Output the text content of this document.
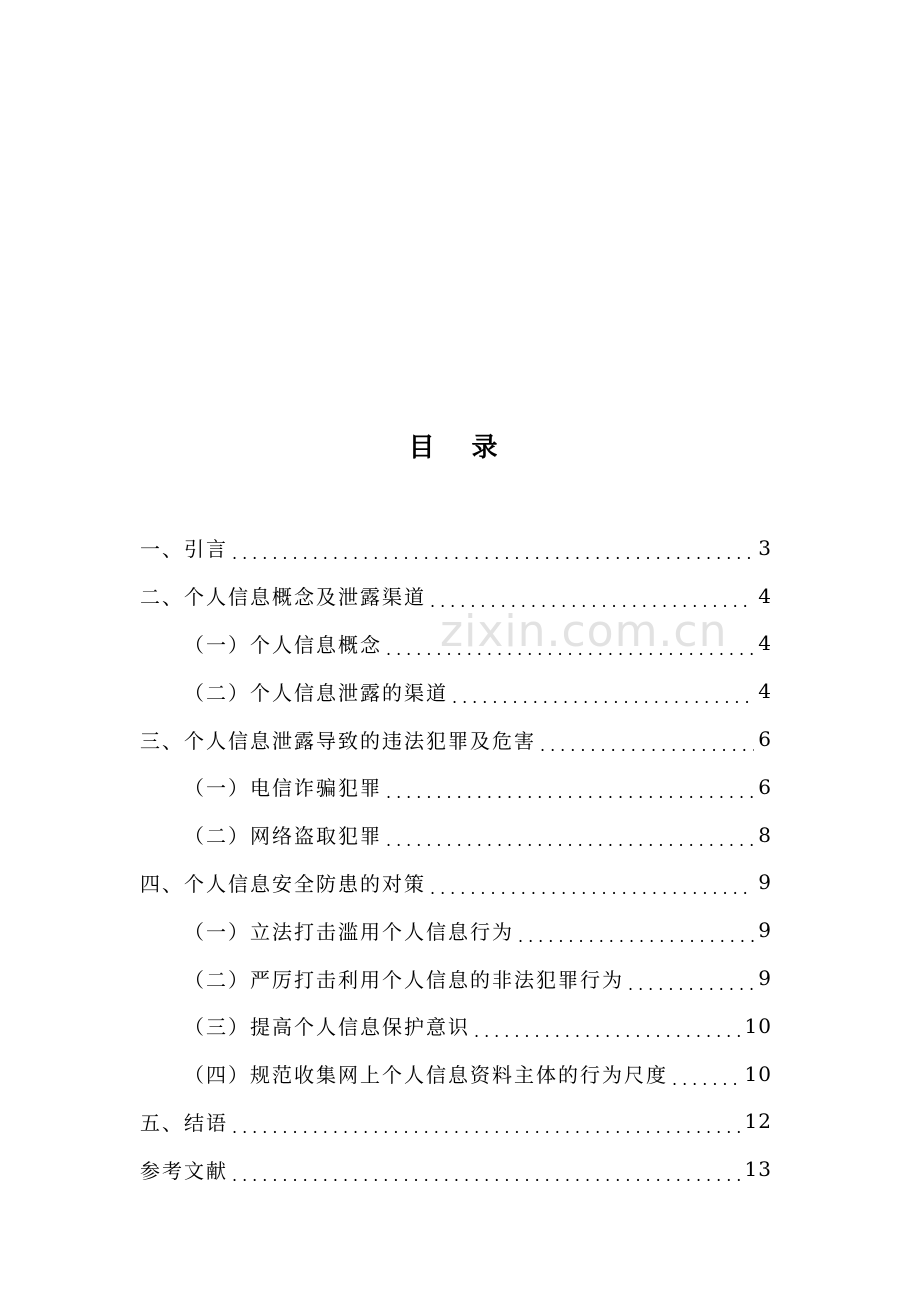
目 录
一、引言 .....	3
二、个人信息概念及泄露渠道 .....	4
（一）个人信息概念 .....	4
（二）个人信息泄露的渠道 .....	4
三、个人信息泄露导致的违法犯罪及危害 .....	6
（一）电信诈骗犯罪 .....	6
（二）网络盗取犯罪 .....	8
四、个人信息安全防患的对策 .....	9
（一）立法打击滥用个人信息行为 .....	9
（二）严厉打击利用个人信息的非法犯罪行为 .....	9
（三）提高个人信息保护意识 .....	10
（四）规范收集网上个人信息资料主体的行为尺度 .....	10
五、结语 .....	12
参考文献 .....	13
zixin.com.cn
